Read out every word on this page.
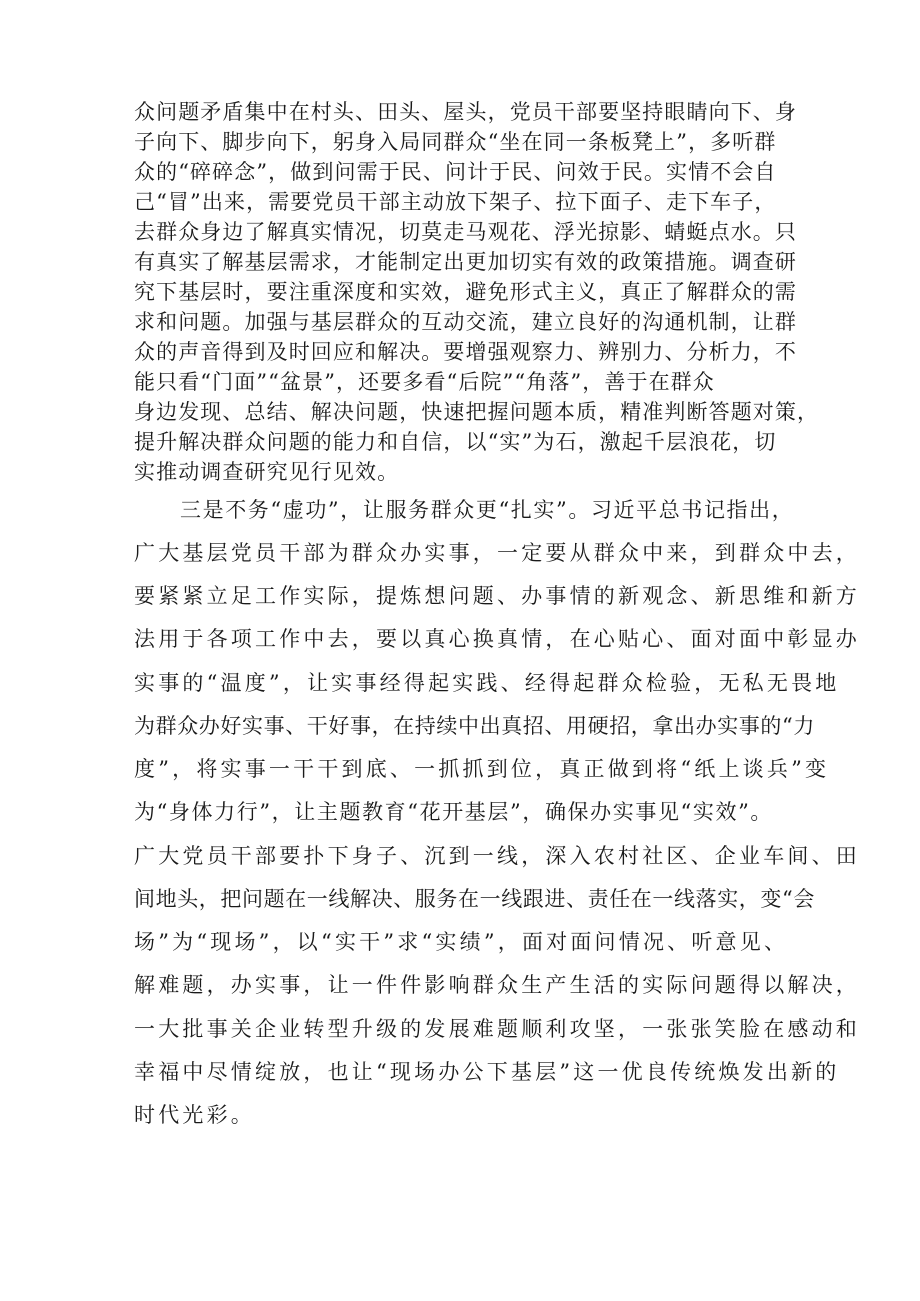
众问题矛盾集中在村头、田头、屋头，党员干部要坚持眼睛向下、身
子向下、脚步向下，躬身入局同群众“坐在同一条板凳上”，多听群
众的“碎碎念”，做到问需于民、问计于民、问效于民。实情不会自
己“冒”出来，需要党员干部主动放下架子、拉下面子、走下车子，
去群众身边了解真实情况，切莫走马观花、浮光掠影、蜻蜓点水。只
有真实了解基层需求，才能制定出更加切实有效的政策措施。调查研
究下基层时，要注重深度和实效，避免形式主义，真正了解群众的需
求和问题。加强与基层群众的互动交流，建立良好的沟通机制，让群
众的声音得到及时回应和解决。要增强观察力、辨别力、分析力，不
能只看“门面”“盆景”，还要多看“后院”“角落”，善于在群众
身边发现、总结、解决问题，快速把握问题本质，精准判断答题对策，
提升解决群众问题的能力和自信，以“实”为石，激起千层浪花，切
实推动调查研究见行见效。
三是不务“虚功”，让服务群众更“扎实”。习近平总书记指出，
广大基层党员干部为群众办实事，一定要从群众中来，到群众中去，
要紧紧立足工作实际，提炼想问题、办事情的新观念、新思维和新方
法用于各项工作中去，要以真心换真情，在心贴心、面对面中彰显办
实事的“温度”，让实事经得起实践、经得起群众检验，无私无畏地
为群众办好实事、干好事，在持续中出真招、用硬招，拿出办实事的“力
度”，将实事一干干到底、一抓抓到位，真正做到将“纸上谈兵”变
为“身体力行”，让主题教育“花开基层”，确保办实事见“实效”。
广大党员干部要扑下身子、沉到一线，深入农村社区、企业车间、田
间地头，把问题在一线解决、服务在一线跟进、责任在一线落实，变“会
场”为“现场”，以“实干”求“实绩”，面对面问情况、听意见、
解难题，办实事，让一件件影响群众生产生活的实际问题得以解决，
一大批事关企业转型升级的发展难题顺利攻坚，一张张笑脸在感动和
幸福中尽情绽放，也让“现场办公下基层”这一优良传统焕发出新的
时代光彩。
